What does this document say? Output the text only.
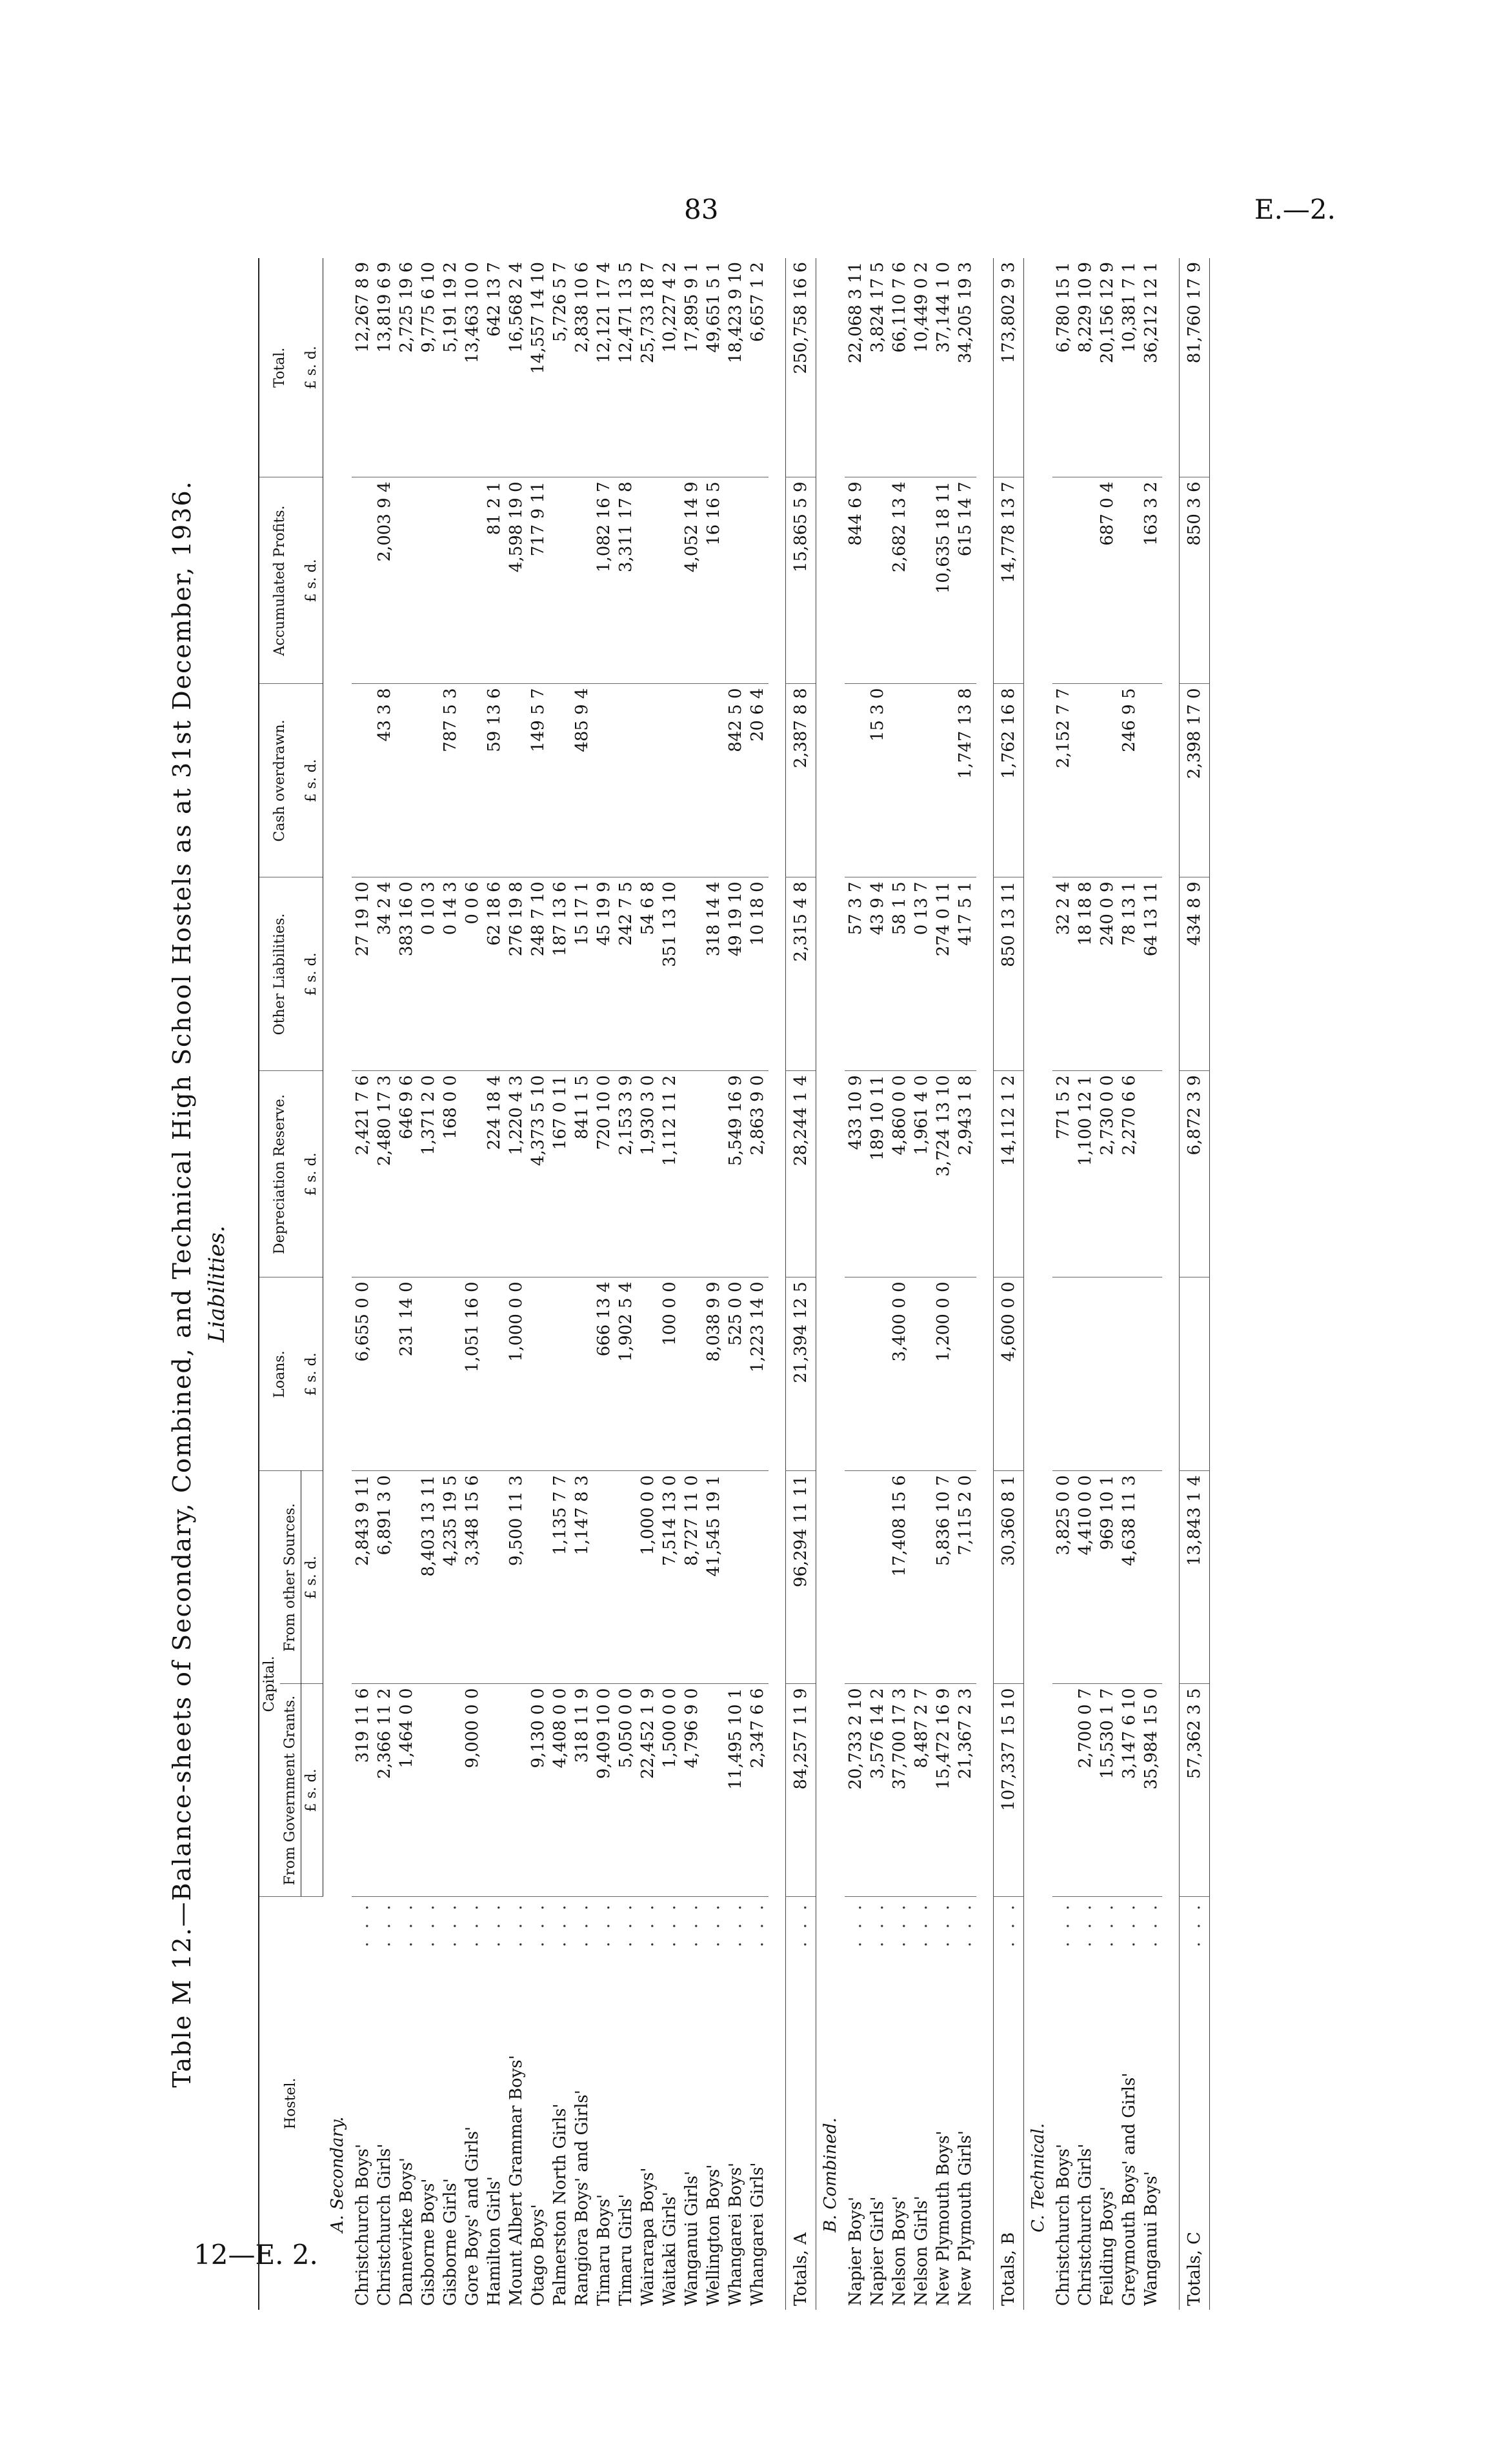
83	E.—2.
12—E. 2.
Table M 12.—Balance-sheets of Secondary, Combined, and Technical High School Hostels as at 31st December, 1936. Liabilities.
Hostel.		Capital.		Loans.	Depreciation Reserve.	Other Liabilities.	Cash overdrawn.	Accumulated Profits.	Total.
		From Government Grants.	From other Sources.						
		£ s. d.	£ s. d.	£ s. d.	£ s. d.	£ s. d.	£ s. d.	£ s. d.	£ s. d.
A. Secondary.									
Christchurch Boys'	. . .	319 11 6	2,843 9 11	6,655 0 0	2,421 7 6	27 19 10			12,267 8 9
Christchurch Girls'	. . .	2,366 11 2	6,891 3 0		2,480 17 3	34 2 4	43 3 8	2,003 9 4	13,819 6 9
Dannevirke Boys'	. . .	1,464 0 0		231 14 0	646 9 6	383 16 0			2,725 19 6
Gisborne Boys'	. . .		8,403 13 11		1,371 2 0	0 10 3			9,775 6 10
Gisborne Girls'	. . .		4,235 19 5		168 0 0	0 14 3	787 5 3		5,191 19 2
Gore Boys' and Girls'	. . .	9,000 0 0	3,348 15 6	1,051 16 0		0 0 6			13,463 10 0
Hamilton Girls'	. . .				224 18 4	62 18 6	59 13 6	81 2 1	642 13 7
Mount Albert Grammar Boys'	. . .		9,500 11 3	1,000 0 0	1,220 4 3	276 19 8		4,598 19 0	16,568 2 4
Otago Boys'	. . .	9,130 0 0			4,373 5 10	248 7 10	149 5 7	717 9 11	14,557 14 10
Palmerston North Girls'	. . .	4,408 0 0	1,135 7 7		167 0 11	187 13 6			5,726 5 7
Rangiora Boys' and Girls'	. . .	318 11 9	1,147 8 3		841 1 5	15 17 1	485 9 4		2,838 10 6
Timaru Boys'	. . .	9,409 10 0		666 13 4	720 10 0	45 19 9		1,082 16 7	12,121 17 4
Timaru Girls'	. . .	5,050 0 0		1,902 5 4	2,153 3 9	242 7 5		3,311 17 8	12,471 13 5
Wairarapa Boys'	. . .	22,452 1 9	1,000 0 0		1,930 3 0	54 6 8			25,733 18 7
Waitaki Girls'	. . .	1,500 0 0	7,514 13 0	100 0 0	1,112 11 2	351 13 10			10,227 4 2
Wanganui Girls'	. . .	4,796 9 0	8,727 11 0					4,052 14 9	17,895 9 1
Wellington Boys'	. . .		41,545 19 1	8,038 9 9		318 14 4		16 16 5	49,651 5 1
Whangarei Boys'	. . .	11,495 10 1		525 0 0	5,549 16 9	49 19 10	842 5 0		18,423 9 10
Whangarei Girls'	. . .	2,347 6 6		1,223 14 0	2,863 9 0	10 18 0	20 6 4		6,657 1 2

Totals, A	. . .	84,257 11 9	96,294 11 11	21,394 12 5	28,244 1 4	2,315 4 8	2,387 8 8	15,865 5 9	250,758 16 6
B. Combined.									
Napier Boys'	. . .	20,733 2 10			433 10 9	57 3 7		844 6 9	22,068 3 11
Napier Girls'	. . .	3,576 14 2			189 10 11	43 9 4	15 3 0		3,824 17 5
Nelson Boys'	. . .	37,700 17 3	17,408 15 6	3,400 0 0	4,860 0 0	58 1 5		2,682 13 4	66,110 7 6
Nelson Girls'	. . .	8,487 2 7			1,961 4 0	0 13 7			10,449 0 2
New Plymouth Boys'	. . .	15,472 16 9	5,836 10 7	1,200 0 0	3,724 13 10	274 0 11		10,635 18 11	37,144 1 0
New Plymouth Girls'	. . .	21,367 2 3	7,115 2 0		2,943 1 8	417 5 1	1,747 13 8	615 14 7	34,205 19 3

Totals, B	. . .	107,337 15 10	30,360 8 1	4,600 0 0	14,112 1 2	850 13 11	1,762 16 8	14,778 13 7	173,802 9 3
C. Technical.									
Christchurch Boys'	. . .		3,825 0 0		771 5 2	32 2 4	2,152 7 7		6,780 15 1
Christchurch Girls'	. . .	2,700 0 7	4,410 0 0		1,100 12 1	18 18 8			8,229 10 9
Feilding Boys'	. . .	15,530 1 7	969 10 1		2,730 0 0	240 0 9		687 0 4	20,156 12 9
Greymouth Boys' and Girls'	. . .	3,147 6 10	4,638 11 3		2,270 6 6	78 13 1	246 9 5		10,381 7 1
Wanganui Boys'	. . .	35,984 15 0				64 13 11		163 3 2	36,212 12 1

Totals, C	. . .	57,362 3 5	13,843 1 4		6,872 3 9	434 8 9	2,398 17 0	850 3 6	81,760 17 9
